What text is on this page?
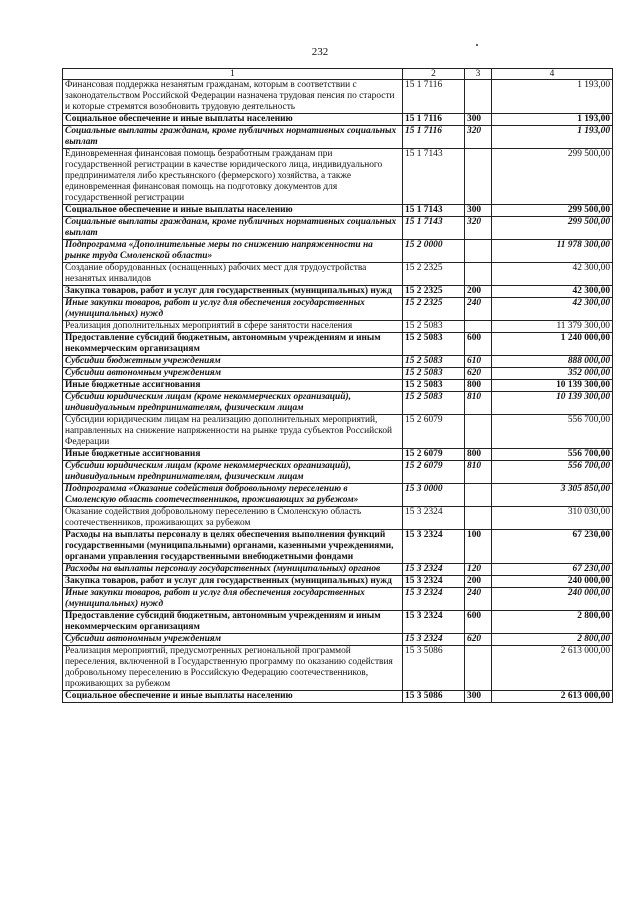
232
1	2	3	4
Финансовая поддержка незанятым гражданам, которым в соответствии с законодательством Российской Федерации назначена трудовая пенсия по старости и которые стремятся возобновить трудовую деятельность	15 1 7116		1 193,00
Социальное обеспечение и иные выплаты населению	15 1 7116	300	1 193,00
Социальные выплаты гражданам, кроме публичных нормативных социальных выплат	15 1 7116	320	1 193,00
Единовременная финансовая помощь безработным гражданам при государственной регистрации в качестве юридического лица, индивидуального предпринимателя либо крестьянского (фермерского) хозяйства, а также единовременная финансовая помощь на подготовку документов для государственной регистрации	15 1 7143		299 500,00
Социальное обеспечение и иные выплаты населению	15 1 7143	300	299 500,00
Социальные выплаты гражданам, кроме публичных нормативных социальных выплат	15 1 7143	320	299 500,00
Подпрограмма «Дополнительные меры по снижению напряженности на рынке труда Смоленской области»	15 2 0000		11 978 300,00
Создание оборудованных (оснащенных) рабочих мест для трудоустройства незанятых инвалидов	15 2 2325		42 300,00
Закупка товаров, работ и услуг для государственных (муниципальных) нужд	15 2 2325	200	42 300,00
Иные закупки товаров, работ и услуг для обеспечения государственных (муниципальных) нужд	15 2 2325	240	42 300,00
Реализация дополнительных мероприятий в сфере занятости населения	15 2 5083		11 379 300,00
Предоставление субсидий бюджетным, автономным учреждениям и иным некоммерческим организациям	15 2 5083	600	1 240 000,00
Субсидии бюджетным учреждениям	15 2 5083	610	888 000,00
Субсидии автономным учреждениям	15 2 5083	620	352 000,00
Иные бюджетные ассигнования	15 2 5083	800	10 139 300,00
Субсидии юридическим лицам (кроме некоммерческих организаций), индивидуальным предпринимателям, физическим лицам	15 2 5083	810	10 139 300,00
Субсидии юридическим лицам на реализацию дополнительных мероприятий, направленных на снижение напряженности на рынке труда субъектов Российской Федерации	15 2 6079		556 700,00
Иные бюджетные ассигнования	15 2 6079	800	556 700,00
Субсидии юридическим лицам (кроме некоммерческих организаций), индивидуальным предпринимателям, физическим лицам	15 2 6079	810	556 700,00
Подпрограмма «Оказание содействия добровольному переселению в Смоленскую область соотечественников, проживающих за рубежом»	15 3 0000		3 305 850,00
Оказание содействия добровольному переселению в Смоленскую область соотечественников, проживающих за рубежом	15 3 2324		310 030,00
Расходы на выплаты персоналу в целях обеспечения выполнения функций государственными (муниципальными) органами, казенными учреждениями, органами управления государственными внебюджетными фондами	15 3 2324	100	67 230,00
Расходы на выплаты персоналу государственных (муниципальных) органов	15 3 2324	120	67 230,00
Закупка товаров, работ и услуг для государственных (муниципальных) нужд	15 3 2324	200	240 000,00
Иные закупки товаров, работ и услуг для обеспечения государственных (муниципальных) нужд	15 3 2324	240	240 000,00
Предоставление субсидий бюджетным, автономным учреждениям и иным некоммерческим организациям	15 3 2324	600	2 800,00
Субсидии автономным учреждениям	15 3 2324	620	2 800,00
Реализация мероприятий, предусмотренных региональной программой переселения, включенной в Государственную программу по оказанию содействия добровольному переселению в Российскую Федерацию соотечественников, проживающих за рубежом	15 3 5086		2 613 000,00
Социальное обеспечение и иные выплаты населению	15 3 5086	300	2 613 000,00
